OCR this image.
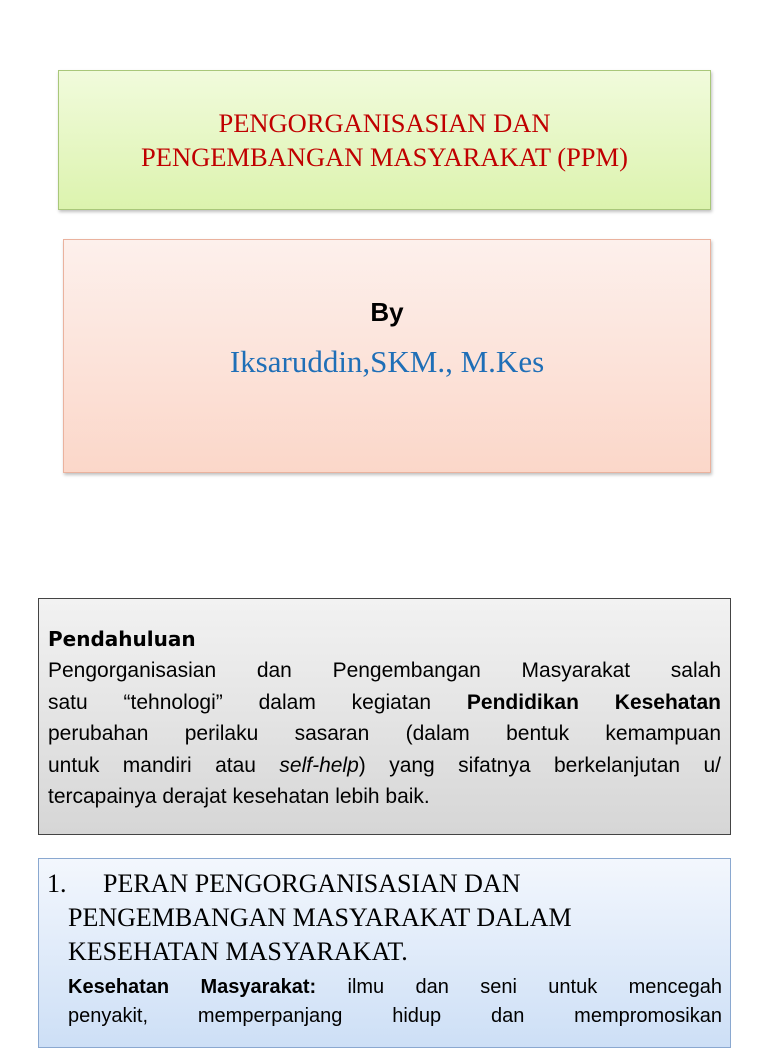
PENGORGANISASIAN DAN
PENGEMBANGAN MASYARAKAT (PPM)
By
Iksaruddin,SKM., M.Kes
Pendahuluan
Pengorganisasian dan Pengembangan Masyarakat salah
satu “tehnologi” dalam kegiatan Pendidikan Kesehatan
perubahan perilaku sasaran (dalam bentuk kemampuan
untuk mandiri atau self-help) yang sifatnya berkelanjutan u/
tercapainya derajat kesehatan lebih baik.
1. PERAN PENGORGANISASIAN DAN
PENGEMBANGAN MASYARAKAT DALAM
KESEHATAN MASYARAKAT.
Kesehatan Masyarakat: ilmu dan seni untuk mencegah
penyakit, memperpanjang hidup dan mempromosikan
